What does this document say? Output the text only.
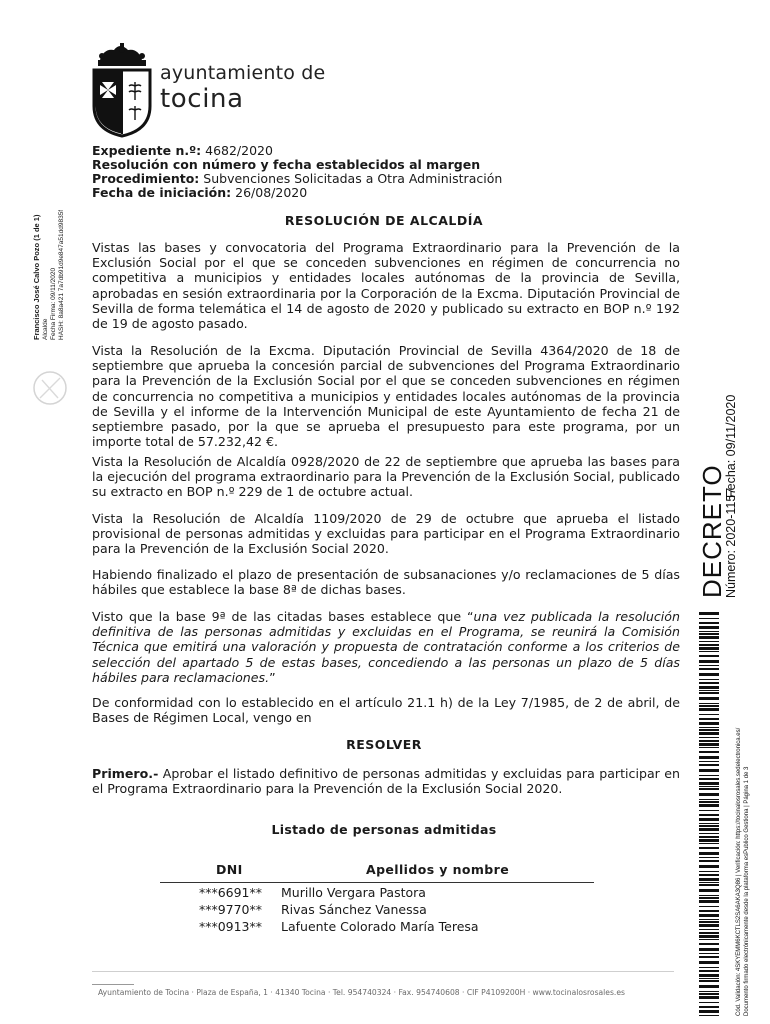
ayuntamiento de
tocina
Francisco José Calvo Pozo (1 de 1) Alcalde Fecha Firma: 09/11/2020 HASH: 8a8a421 7a7db91d9e847a51dd9835f
Expediente n.º: 4682/2020
Resolución con número y fecha establecidos al margen
Procedimiento: Subvenciones Solicitadas a Otra Administración
Fecha de iniciación: 26/08/2020
RESOLUCIÓN DE ALCALDÍA
Vistas las bases y convocatoria del Programa Extraordinario para la Prevención de la Exclusión Social por el que se conceden subvenciones en régimen de concurrencia no competitiva a municipios y entidades locales autónomas de la provincia de Sevilla, aprobadas en sesión extraordinaria por la Corporación de la Excma. Diputación Provincial de Sevilla de forma telemática el 14 de agosto de 2020 y publicado su extracto en BOP n.º 192 de 19 de agosto pasado.
Vista la Resolución de la Excma. Diputación Provincial de Sevilla 4364/2020 de 18 de septiembre que aprueba la concesión parcial de subvenciones del Programa Extraordinario para la Prevención de la Exclusión Social por el que se conceden subvenciones en régimen de concurrencia no competitiva a municipios y entidades locales autónomas de la provincia de Sevilla y el informe de la Intervención Municipal de este Ayuntamiento de fecha 21 de septiembre pasado, por la que se aprueba el presupuesto para este programa, por un importe total de 57.232,42 €.
Vista la Resolución de Alcaldía 0928/2020 de 22 de septiembre que aprueba las bases para la ejecución del programa extraordinario para la Prevención de la Exclusión Social, publicado su extracto en BOP n.º 229 de 1 de octubre actual.
Vista la Resolución de Alcaldía 1109/2020 de 29 de octubre que aprueba el listado provisional de personas admitidas y excluidas para participar en el Programa Extraordinario para la Prevención de la Exclusión Social 2020.
Habiendo finalizado el plazo de presentación de subsanaciones y/o reclamaciones de 5 días hábiles que establece la base 8ª de dichas bases.
Visto que la base 9ª de las citadas bases establece que “una vez publicada la resolución definitiva de las personas admitidas y excluidas en el Programa, se reunirá la Comisión Técnica que emitirá una valoración y propuesta de contratación conforme a los criterios de selección del apartado 5 de estas bases, concediendo a las personas un plazo de 5 días hábiles para reclamaciones.”
De conformidad con lo establecido en el artículo 21.1 h) de la Ley 7/1985, de 2 de abril, de Bases de Régimen Local, vengo en
RESOLVER
Primero.- Aprobar el listado definitivo de personas admitidas y excluidas para participar en el Programa Extraordinario para la Prevención de la Exclusión Social 2020.
Listado de personas admitidas
DNI	Apellidos y nombre
***6691** Murillo Vergara Pastora
***9770** Rivas Sánchez Vanessa
***0913** Lafuente Colorado María Teresa
Ayuntamiento de Tocina · Plaza de España, 1 · 41340 Tocina · Tel. 954740324 · Fax. 954740608 · CIF P4109200H · www.tocinalosrosales.es
DECRETO
Número: 2020-1157
Fecha: 09/11/2020
Cód. Validación: 4SKYEMM6KCTLS2SA6AKA3Q86 | Verificación: https://tocinalosrosales.sedelectronica.es/ Documento firmado electrónicamente desde la plataforma esPublico Gestiona | Página 1 de 3
